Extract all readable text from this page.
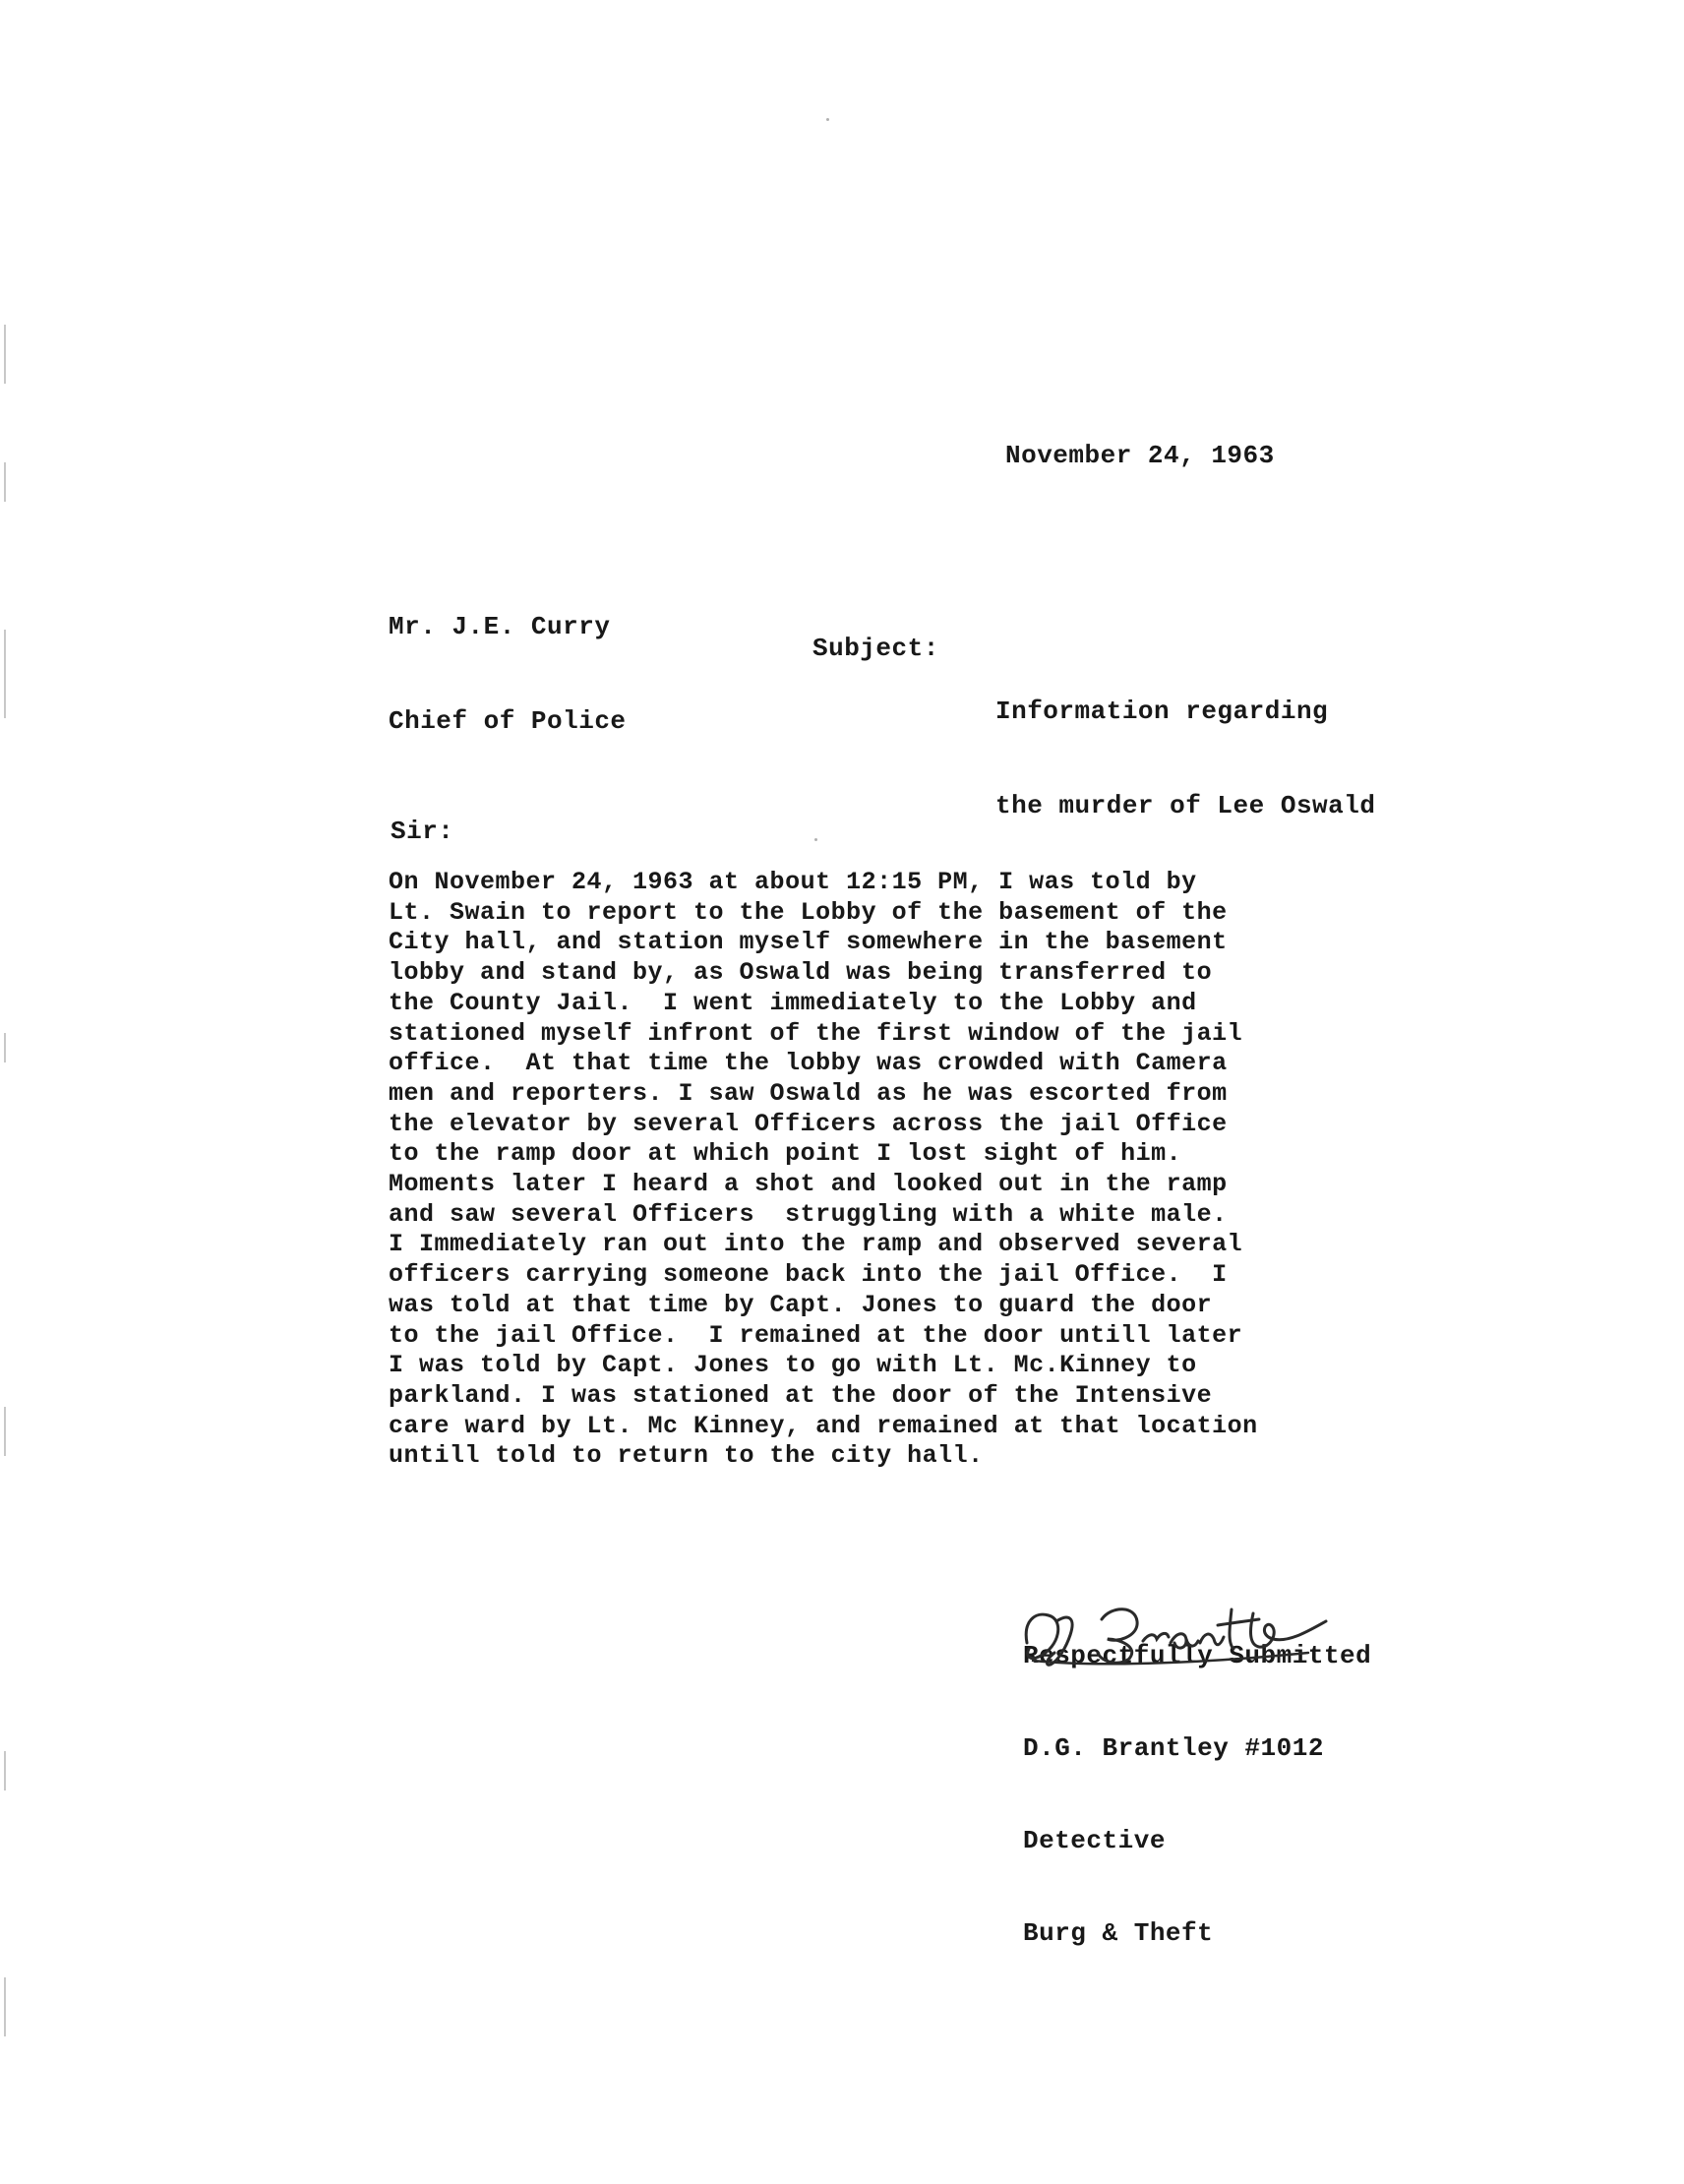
November 24, 1963

Mr. J.E. Curry

Chief of Police

Subject:

Information regarding

the murder of Lee Oswald

Sir:
On November 24, 1963 at about 12:15 PM, I was told by
Lt. Swain to report to the Lobby of the basement of the
City hall, and station myself somewhere in the basement
lobby and stand by, as Oswald was being transferred to
the County Jail.  I went immediately to the Lobby and
stationed myself infront of the first window of the jail
office.  At that time the lobby was crowded with Camera
men and reporters. I saw Oswald as he was escorted from
the elevator by several Officers across the jail Office
to the ramp door at which point I lost sight of him.
Moments later I heard a shot and looked out in the ramp
and saw several Officers  struggling with a white male.
I Immediately ran out into the ramp and observed several
officers carrying someone back into the jail Office.  I
was told at that time by Capt. Jones to guard the door
to the jail Office.  I remained at the door untill later
I was told by Capt. Jones to go with Lt. Mc.Kinney to
parkland. I was stationed at the door of the Intensive
care ward by Lt. Mc Kinney, and remained at that location
untill told to return to the city hall.

Respectfully Submitted

D.G. Brantley #1012

Detective

Burg & Theft
